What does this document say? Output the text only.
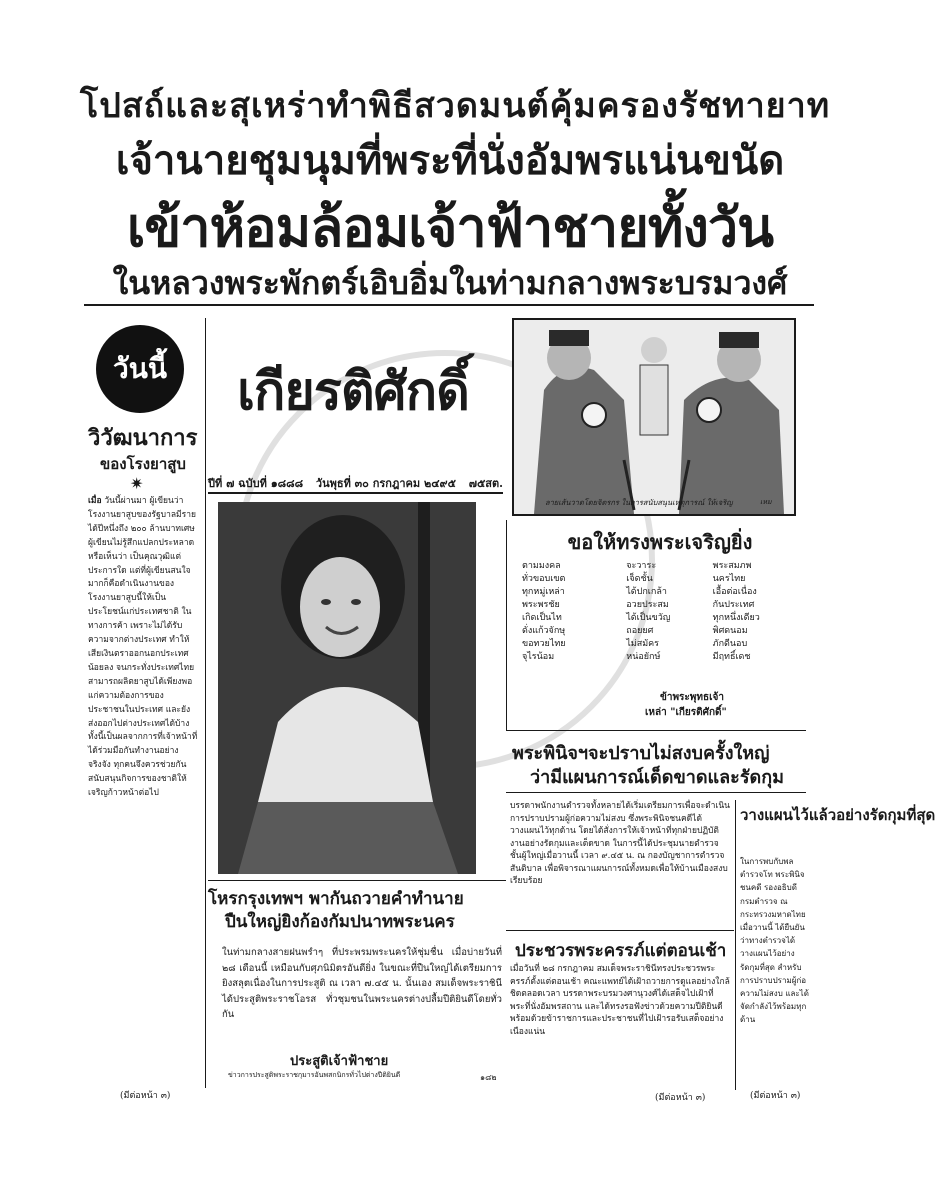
โปสถ์และสุเหร่าทำพิธีสวดมนต์คุ้มครองรัชทายาท
เจ้านายชุมนุมที่พระที่นั่งอัมพรแน่นขนัด
เข้าห้อมล้อมเจ้าฟ้าชายทั้งวัน
ในหลวงพระพักตร์เอิบอิ่มในท่ามกลางพระบรมวงศ์
วันนี้
วิวัฒนาการ
ของโรงยาสูบ
✷
เมื่อ วันนี้ผ่านมา ผู้เขียนว่า โรงงานยาสูบของรัฐบาลมีรายได้ปีหนึ่งถึง ๒๐๐ ล้านบาทเศษ ผู้เขียนไม่รู้สึกแปลกประหลาดหรือเห็นว่า เป็นคุณวุฒิแต่ประการใด แต่ที่ผู้เขียนสนใจมากก็คือดำเนินงานของโรงงานยาสูบนี้ให้เป็นประโยชน์แก่ประเทศชาติ ในทางการค้า เพราะไม่ได้รับความจากต่างประเทศ ทำให้เสียเงินตราออกนอกประเทศน้อยลง จนกระทั่งประเทศไทยสามารถผลิตยาสูบได้เพียงพอแก่ความต้องการของประชาชนในประเทศ และยังส่งออกไปต่างประเทศได้บ้าง ทั้งนี้เป็นผลจากการที่เจ้าหน้าที่ได้ร่วมมือกันทำงานอย่างจริงจัง ทุกคนจึงควรช่วยกันสนับสนุนกิจการของชาติให้เจริญก้าวหน้าต่อไป
(มีต่อหน้า ๓)
เกียรติศักดิ์
ปีที่ ๗ ฉบับที่ ๑๘๘๘ วันพุธที่ ๓๐ กรกฎาคม ๒๔๙๕ ๗๕สต.
ลายเส้นวาดโดยจิตรกร ในการสนับสนุนเหตุการณ์ ให้เจริญ	เหม
ขอให้ทรงพระเจริญยิ่ง
ตามมงคล
ทั่วขอบเขต
ทุกหมู่เหล่า
พระพรชัย
เกิดเป็นไท
ดั่งแก้วจักษุ
ขอทวยไทย
จุไรน้อม
จะวาระ
เจ็ดชั้น
ได้ปกเกล้า
อวยประสม
ได้เป็นขวัญ
ถอยยศ
ไม่สมัคร
หน่อยักษ์
พระสมภพ
นครไทย
เอื้อต่อเนื่อง
กันประเทศ
ทุกหนึ่งเดียว
พิศดนอม
ภักดีนอบ
มีฤทธิ์เดช
ข้าพระพุทธเจ้า
เหล่า "เกียรติศักดิ์"
พระพินิจฯจะปราบไม่สงบครั้งใหญ่
ว่ามีแผนการณ์เด็ดขาดและรัดกุม
บรรดาพนักงานตำรวจทั้งหลายได้เริ่มเตรียมการเพื่อจะดำเนินการปราบปรามผู้ก่อความไม่สงบ ซึ่งพระพินิจชนคดีได้วางแผนไว้ทุกด้าน โดยได้สั่งการให้เจ้าหน้าที่ทุกฝ่ายปฏิบัติงานอย่างรัดกุมและเด็ดขาด ในการนี้ได้ประชุมนายตำรวจชั้นผู้ใหญ่เมื่อวานนี้ เวลา ๙.๔๕ น. ณ กองบัญชาการตำรวจสันติบาล เพื่อพิจารณาแผนการณ์ทั้งหมดเพื่อให้บ้านเมืองสงบเรียบร้อย
ประชวรพระครรภ์แต่ตอนเช้า
เมื่อวันที่ ๒๘ กรกฎาคม สมเด็จพระราชินีทรงประชวรพระครรภ์ตั้งแต่ตอนเช้า คณะแพทย์ได้เฝ้าถวายการดูแลอย่างใกล้ชิดตลอดเวลา บรรดาพระบรมวงศานุวงศ์ได้เสด็จไปเฝ้าที่พระที่นั่งอัมพรสถาน และได้ทรงรอฟังข่าวด้วยความปีติยินดีพร้อมด้วยข้าราชการและประชาชนที่ไปเฝ้ารอรับเสด็จอย่างเนืองแน่น
(มีต่อหน้า ๓)
วางแผนไว้แล้วอย่างรัดกุมที่สุด
ในการพบกับพลตำรวจโท พระพินิจชนคดี รองอธิบดีกรมตำรวจ ณ กระทรวงมหาดไทยเมื่อวานนี้ ได้ยืนยันว่าทางตำรวจได้วางแผนไว้อย่างรัดกุมที่สุด สำหรับการปราบปรามผู้ก่อความไม่สงบ และได้จัดกำลังไว้พร้อมทุกด้าน
(มีต่อหน้า ๓)
โหรกรุงเทพฯ พากันถวายคำทำนาย
ปืนใหญ่ยิงก้องกัมปนาทพระนคร
ในท่ามกลางสายฝนพรำๆ ที่ประพรมพระนครให้ชุ่มชื่น เมื่อบ่ายวันที่ ๒๘ เดือนนี้ เหมือนกับศุภนิมิตรอันดียิ่ง ในขณะที่ปืนใหญ่ได้เตรียมการยิงสลุตเนื่องในการประสูติ ณ เวลา ๗.๔๕ น. นั้นเอง สมเด็จพระราชินีได้ประสูติพระราชโอรส ทั่วชุมชนในพระนครต่างปลื้มปีติยินดีโดยทั่วกัน
ประสูติเจ้าฟ้าชาย
ข่าวการประสูติพระราชกุมารอันพสกนิกรทั่วไปต่างปีติยินดี	๑๘๒
